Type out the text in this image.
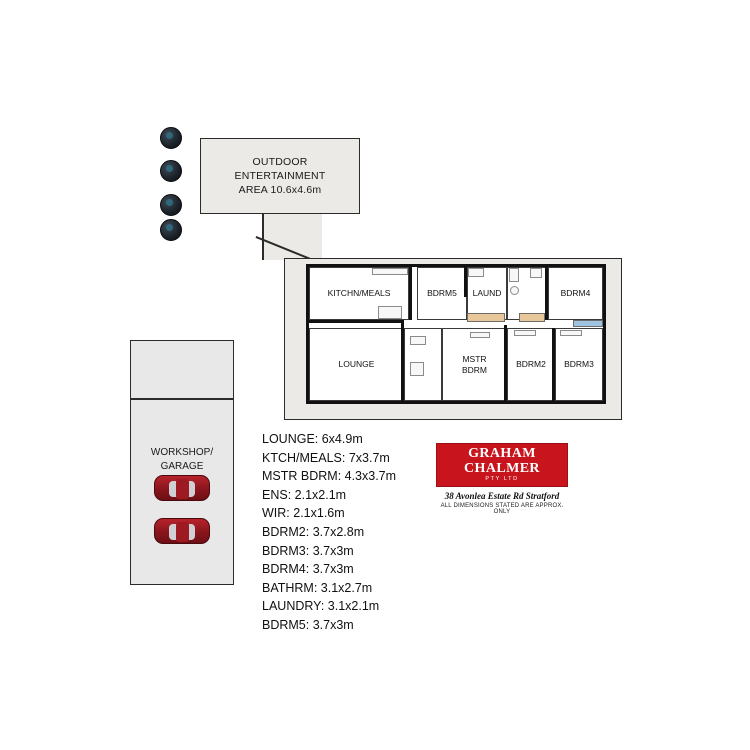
OUTDOOR
ENTERTAINMENT
AREA 10.6x4.6m
KITCHN/MEALS	BDRM5 LAUND	BDRM4
LOUNGE
MSTR
BDRM
BDRM2 BDRM3
WORKSHOP/
GARAGE

LOUNGE: 6x4.9m
KTCH/MEALS: 7x3.7m
MSTR BDRM: 4.3x3.7m
ENS: 2.1x2.1m
WIR: 2.1x1.6m
BDRM2: 3.7x2.8m
BDRM3: 3.7x3m
BDRM4: 3.7x3m
BATHRM: 3.1x2.7m
LAUNDRY: 3.1x2.1m
BDRM5: 3.7x3m
GRAHAM CHALMER
PTY LTD
38 Avonlea Estate Rd Stratford
ALL DIMENSIONS STATED ARE APPROX. ONLY
